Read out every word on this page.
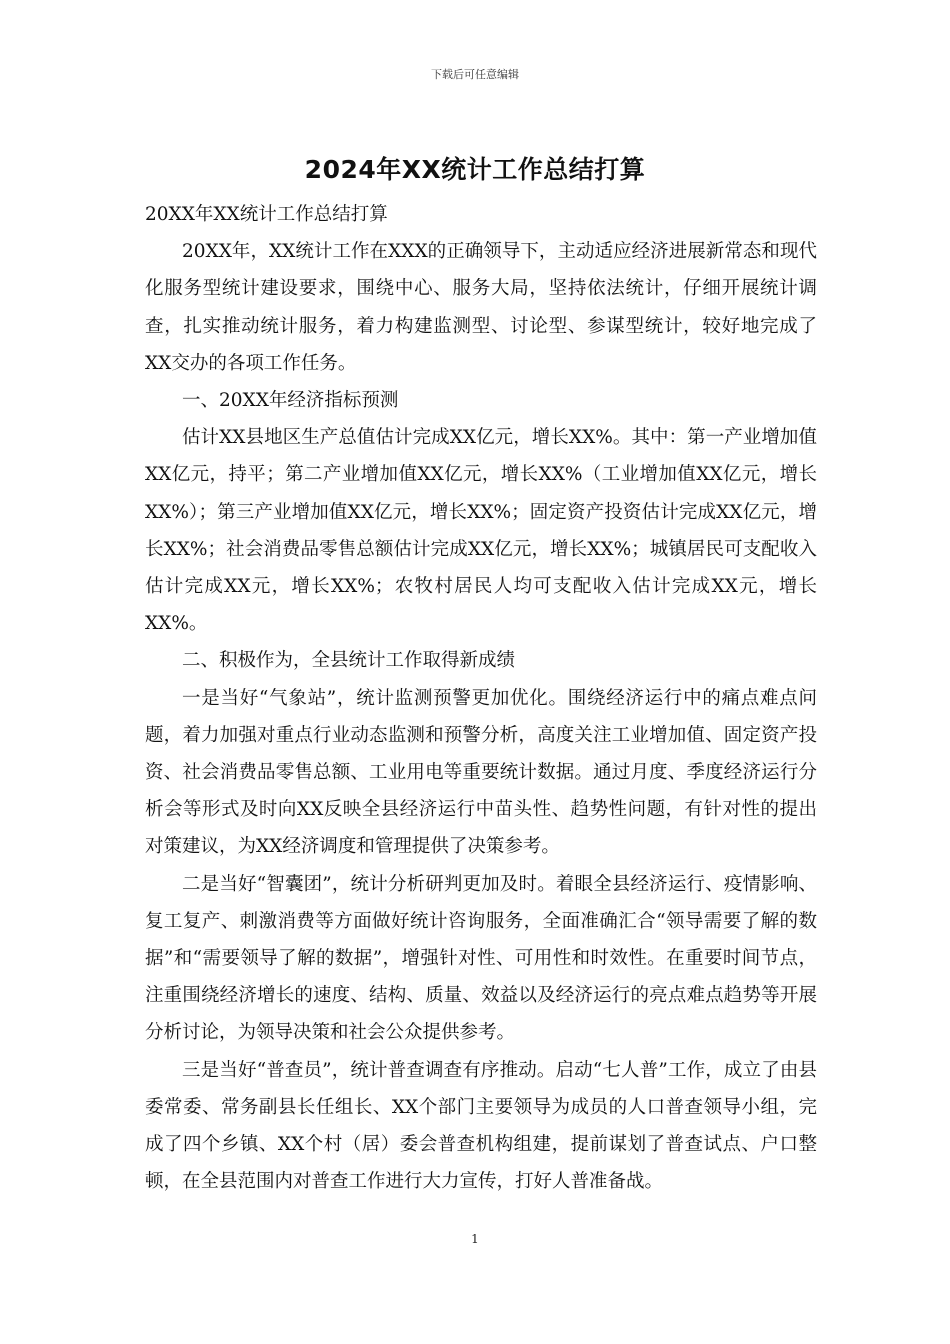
下载后可任意编辑
2024年XX统计工作总结打算

20XX年XX统计工作总结打算

20XX年，XX统计工作在XXX的正确领导下，主动适应经济进展新常态和现代化服务型统计建设要求，围绕中心、服务大局，坚持依法统计，仔细开展统计调查，扎实推动统计服务，着力构建监测型、讨论型、参谋型统计，较好地完成了XX交办的各项工作任务。

一、20XX年经济指标预测

估计XX县地区生产总值估计完成XX亿元，增长XX%。其中：第一产业增加值XX亿元，持平；第二产业增加值XX亿元，增长XX%（工业增加值XX亿元，增长XX%）；第三产业增加值XX亿元，增长XX%；固定资产投资估计完成XX亿元，增长XX%；社会消费品零售总额估计完成XX亿元，增长XX%；城镇居民可支配收入估计完成XX元，增长XX%；农牧村居民人均可支配收入估计完成XX元，增长XX%。

二、积极作为，全县统计工作取得新成绩

一是当好“气象站”，统计监测预警更加优化。围绕经济运行中的痛点难点问题，着力加强对重点行业动态监测和预警分析，高度关注工业增加值、固定资产投资、社会消费品零售总额、工业用电等重要统计数据。通过月度、季度经济运行分析会等形式及时向XX反映全县经济运行中苗头性、趋势性问题，有针对性的提出对策建议，为XX经济调度和管理提供了决策参考。

二是当好“智囊团”，统计分析研判更加及时。着眼全县经济运行、疫情影响、复工复产、刺激消费等方面做好统计咨询服务，全面准确汇合“领导需要了解的数据”和“需要领导了解的数据”，增强针对性、可用性和时效性。在重要时间节点，注重围绕经济增长的速度、结构、质量、效益以及经济运行的亮点难点趋势等开展分析讨论，为领导决策和社会公众提供参考。

三是当好“普查员”，统计普查调查有序推动。启动“七人普”工作，成立了由县委常委、常务副县长任组长、XX个部门主要领导为成员的人口普查领导小组，完成了四个乡镇、XX个村（居）委会普查机构组建，提前谋划了普查试点、户口整顿，在全县范围内对普查工作进行大力宣传，打好人普准备战。

1
